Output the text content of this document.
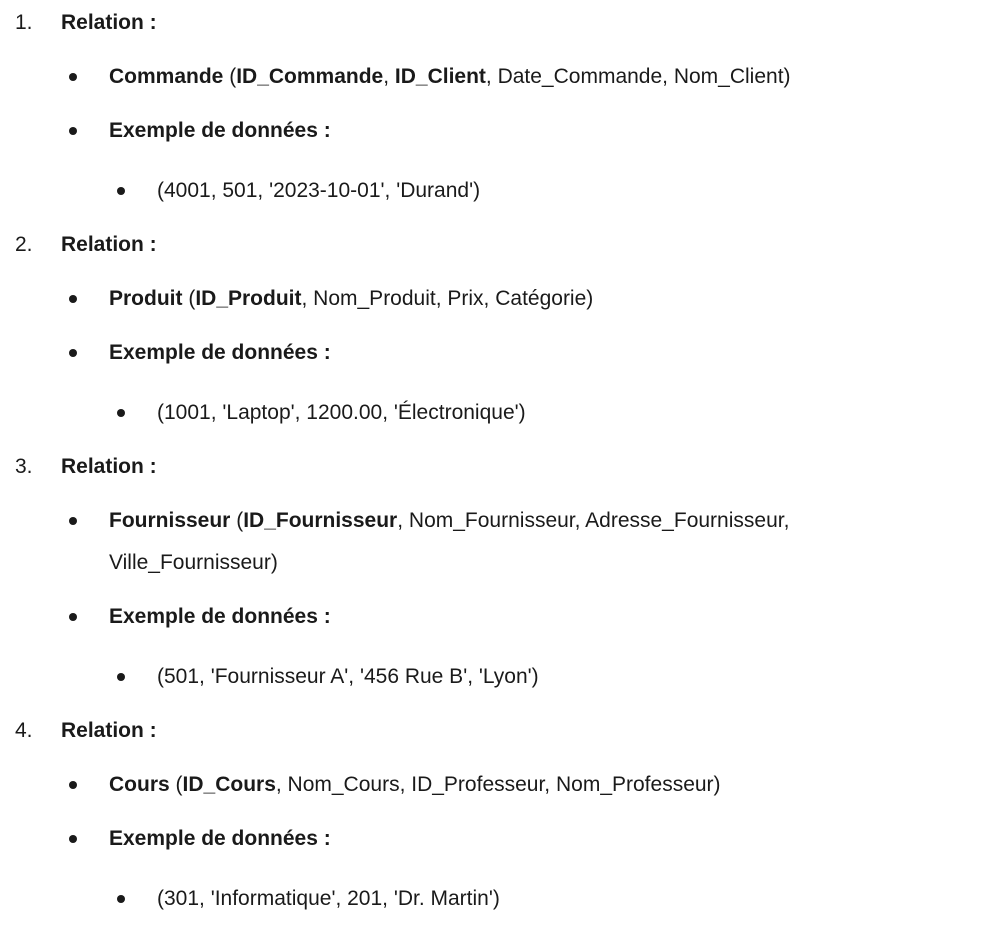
1. Relation :
Commande (ID_Commande, ID_Client, Date_Commande, Nom_Client)
Exemple de données :
(4001, 501, '2023-10-01', 'Durand')
2. Relation :
Produit (ID_Produit, Nom_Produit, Prix, Catégorie)
Exemple de données :
(1001, 'Laptop', 1200.00, 'Électronique')
3. Relation :
Fournisseur (ID_Fournisseur, Nom_Fournisseur, Adresse_Fournisseur, Ville_Fournisseur)
Exemple de données :
(501, 'Fournisseur A', '456 Rue B', 'Lyon')
4. Relation :
Cours (ID_Cours, Nom_Cours, ID_Professeur, Nom_Professeur)
Exemple de données :
(301, 'Informatique', 201, 'Dr. Martin')
